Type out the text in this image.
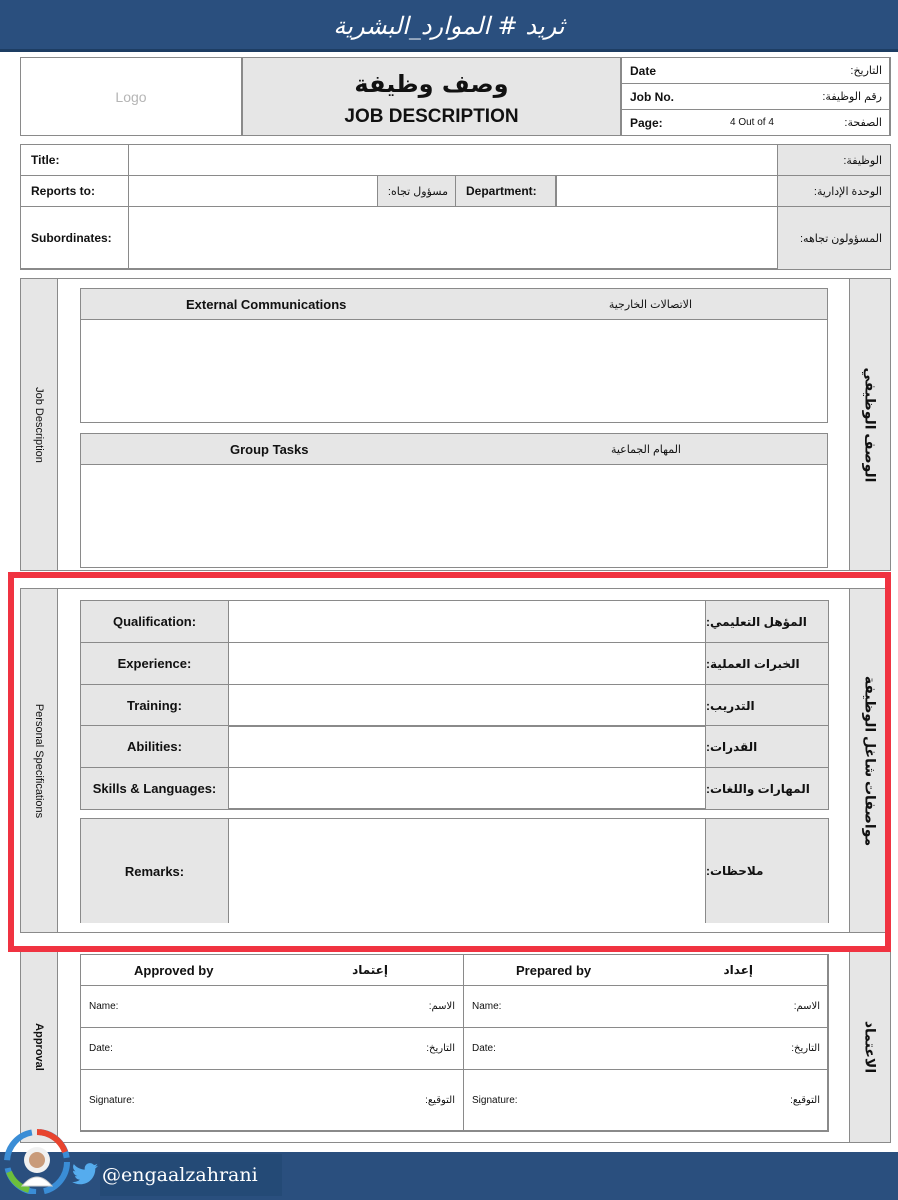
ثريد # الموارد_البشرية
Logo	وصف وظيفة
JOB DESCRIPTION
Date	التاريخ:
Job No.	رقم الوظيفة:
Page:	4 Out of 4	الصفحة:
Title:	الوظيفة:
Reports to:	مسؤول تجاه:	Department:	الوحدة الإدارية:
Subordinates:	المسؤولون تجاهه:
Job Description	الوصف الوظيفي
External Communications	الاتصالات الخارجية
Group Tasks	المهام الجماعية
Personal Specifications	مواصفات شاغل الوظيفة
Qualification:	المؤهل التعليمي:
Experience:	الخبرات العملية:
Training:	التدريب:
Abilities:	القدرات:
Skills & Languages:	المهارات واللغات:
Remarks:	ملاحظات:
Approval	الاعتماد
Approved by	إعتماد
Name:	الاسم:
Date:	التاريخ:
Signature:	التوقيع:
Prepared by	إعداد
Name:	الاسم:
Date:	التاريخ:
Signature:	التوقيع:
@engaalzahrani
